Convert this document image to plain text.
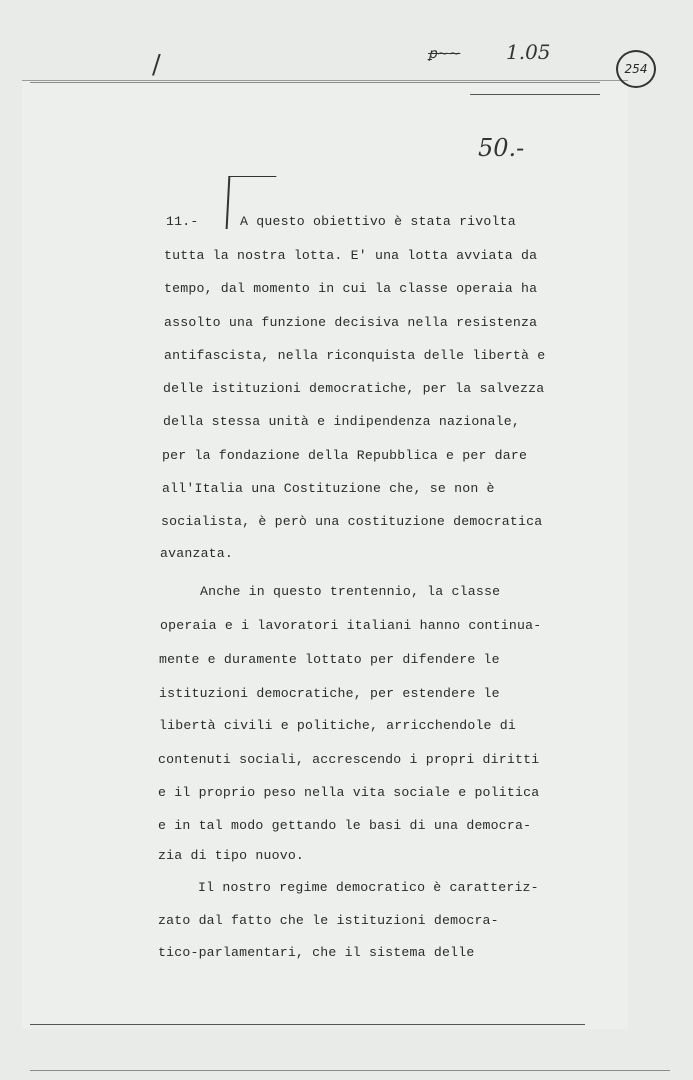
ꝑ~~ 1.05
254
50.-
/
11.-	A questo obiettivo è stata rivolta
tutta la nostra lotta. E' una lotta avviata da
tempo, dal momento in cui la classe operaia ha
assolto una funzione decisiva nella resistenza
antifascista, nella riconquista delle libertà e
delle istituzioni democratiche, per la salvezza
della stessa unità e indipendenza nazionale,
per la fondazione della Repubblica e per dare
all'Italia una Costituzione che, se non è
socialista, è però una costituzione democratica
avanzata.
Anche in questo trentennio, la classe
operaia e i lavoratori italiani hanno continua-
mente e duramente lottato per difendere le
istituzioni democratiche, per estendere le
libertà civili e politiche, arricchendole di
contenuti sociali, accrescendo i propri diritti
e il proprio peso nella vita sociale e politica
e in tal modo gettando le basi di una democra-
zia di tipo nuovo.
Il nostro regime democratico è caratteriz-
zato dal fatto che le istituzioni democra-
tico-parlamentari, che il sistema delle
